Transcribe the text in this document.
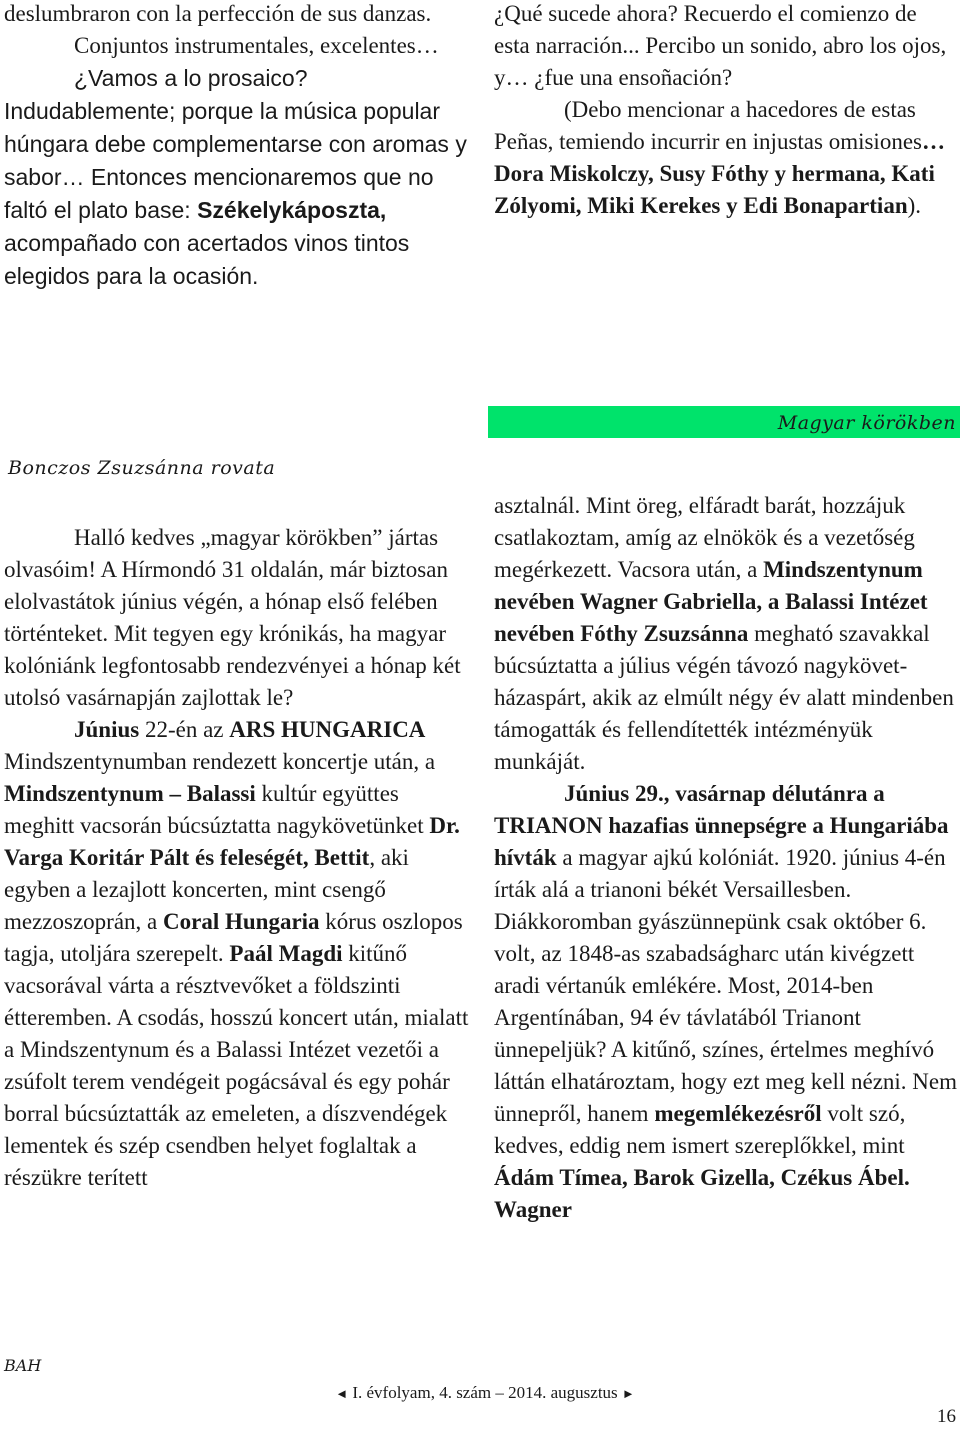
deslumbraron con la perfección de sus danzas.

Conjuntos instrumentales, excelentes…

¿Vamos a lo prosaico? Indudablemente; porque la música popular húngara debe complementarse con aromas y sabor… Entonces mencionaremos que no faltó el plato base: Székelykáposzta, acompañado con acertados vinos tintos elegidos para la ocasión.

¿Qué sucede ahora? Recuerdo el comienzo de esta narración... Percibo un sonido, abro los ojos, y… ¿fue una ensoñación?

(Debo mencionar a hacedores de estas Peñas, temiendo incurrir en injustas omisiones… Dora Miskolczy, Susy Fóthy y hermana, Kati Zólyomi, Miki Kerekes y Edi Bonapartian).

Magyar körökben
Bonczos Zsuzsánna rovata

Halló kedves „magyar körökben” jártas olvasóim! A Hírmondó 31 oldalán, már biztosan elolvastátok június végén, a hónap első felében történteket. Mit tegyen egy krónikás, ha magyar kolóniánk legfontosabb rendezvényei a hónap két utolsó vasárnapján zajlottak le?

Június 22-én az ARS HUNGARICA Mindszentynumban rendezett koncertje után, a Mindszentynum – Balassi kultúr együttes meghitt vacsorán búcsúztatta nagykövetünket Dr. Varga Koritár Pált és feleségét, Bettit, aki egyben a lezajlott koncerten, mint csengő mezzoszoprán, a Coral Hungaria kórus oszlopos tagja, utoljára szerepelt. Paál Magdi kitűnő vacsorával várta a résztvevőket a földszinti étteremben. A csodás, hosszú koncert után, mialatt a Mindszentynum és a Balassi Intézet vezetői a zsúfolt terem vendégeit pogácsával és egy pohár borral búcsúztatták az emeleten, a díszvendégek lementek és szép csendben helyet foglaltak a részükre terített

asztalnál. Mint öreg, elfáradt barát, hozzájuk csatlakoztam, amíg az elnökök és a vezetőség megérkezett. Vacsora után, a Mindszentynum nevében Wagner Gabriella, a Balassi Intézet nevében Fóthy Zsuzsánna megható szavakkal búcsúztatta a július végén távozó nagykövet-házaspárt, akik az elmúlt négy év alatt mindenben támogatták és fellendítették intézményük munkáját.

Június 29., vasárnap délutánra a TRIANON hazafias ünnepségre a Hungariába hívták a magyar ajkú kolóniát. 1920. június 4-én írták alá a trianoni békét Versaillesben. Diákkoromban gyászünnepünk csak október 6. volt, az 1848-as szabadságharc után kivégzett aradi vértanúk emlékére. Most, 2014-ben Argentínában, 94 év távlatából Trianont ünnepeljük? A kitűnő, színes, értelmes meghívó láttán elhatároztam, hogy ezt meg kell nézni. Nem ünnepről, hanem megemlékezésről volt szó, kedves, eddig nem ismert szereplőkkel, mint Ádám Tímea, Barok Gizella, Czékus Ábel. Wagner

BAH
◄ I. évfolyam, 4. szám – 2014. augusztus ►
16
